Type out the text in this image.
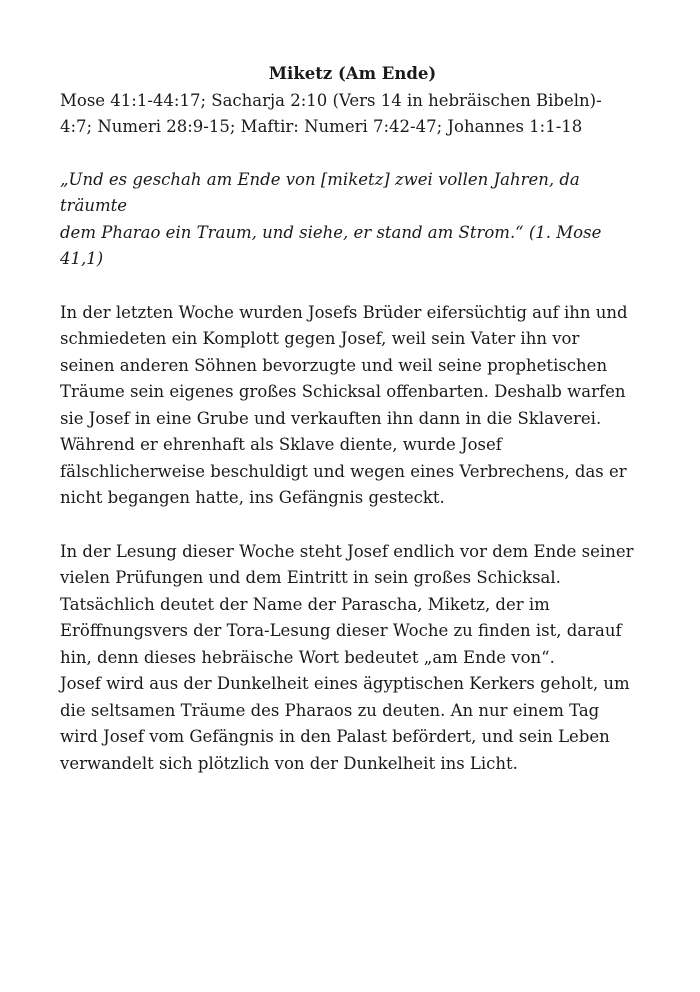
Miketz (Am Ende)

Mose 41:1-44:17; Sacharja 2:10 (Vers 14 in hebräischen Bibeln)-
4:7; Numeri 28:9-15; Maftir: Numeri 7:42-47; Johannes 1:1-18

„Und es geschah am Ende von [miketz] zwei vollen Jahren, da träumte
dem Pharao ein Traum, und siehe, er stand am Strom.“ (1. Mose 41,1)

In der letzten Woche wurden Josefs Brüder eifersüchtig auf ihn und
schmiedeten ein Komplott gegen Josef, weil sein Vater ihn vor
seinen anderen Söhnen bevorzugte und weil seine prophetischen
Träume sein eigenes großes Schicksal offenbarten. Deshalb warfen
sie Josef in eine Grube und verkauften ihn dann in die Sklaverei.
Während er ehrenhaft als Sklave diente, wurde Josef
fälschlicherweise beschuldigt und wegen eines Verbrechens, das er
nicht begangen hatte, ins Gefängnis gesteckt.

In der Lesung dieser Woche steht Josef endlich vor dem Ende seiner
vielen Prüfungen und dem Eintritt in sein großes Schicksal.
Tatsächlich deutet der Name der Parascha, Miketz, der im
Eröffnungsvers der Tora-Lesung dieser Woche zu finden ist, darauf
hin, denn dieses hebräische Wort bedeutet „am Ende von“.

Josef wird aus der Dunkelheit eines ägyptischen Kerkers geholt, um
die seltsamen Träume des Pharaos zu deuten. An nur einem Tag
wird Josef vom Gefängnis in den Palast befördert, und sein Leben
verwandelt sich plötzlich von der Dunkelheit ins Licht.
